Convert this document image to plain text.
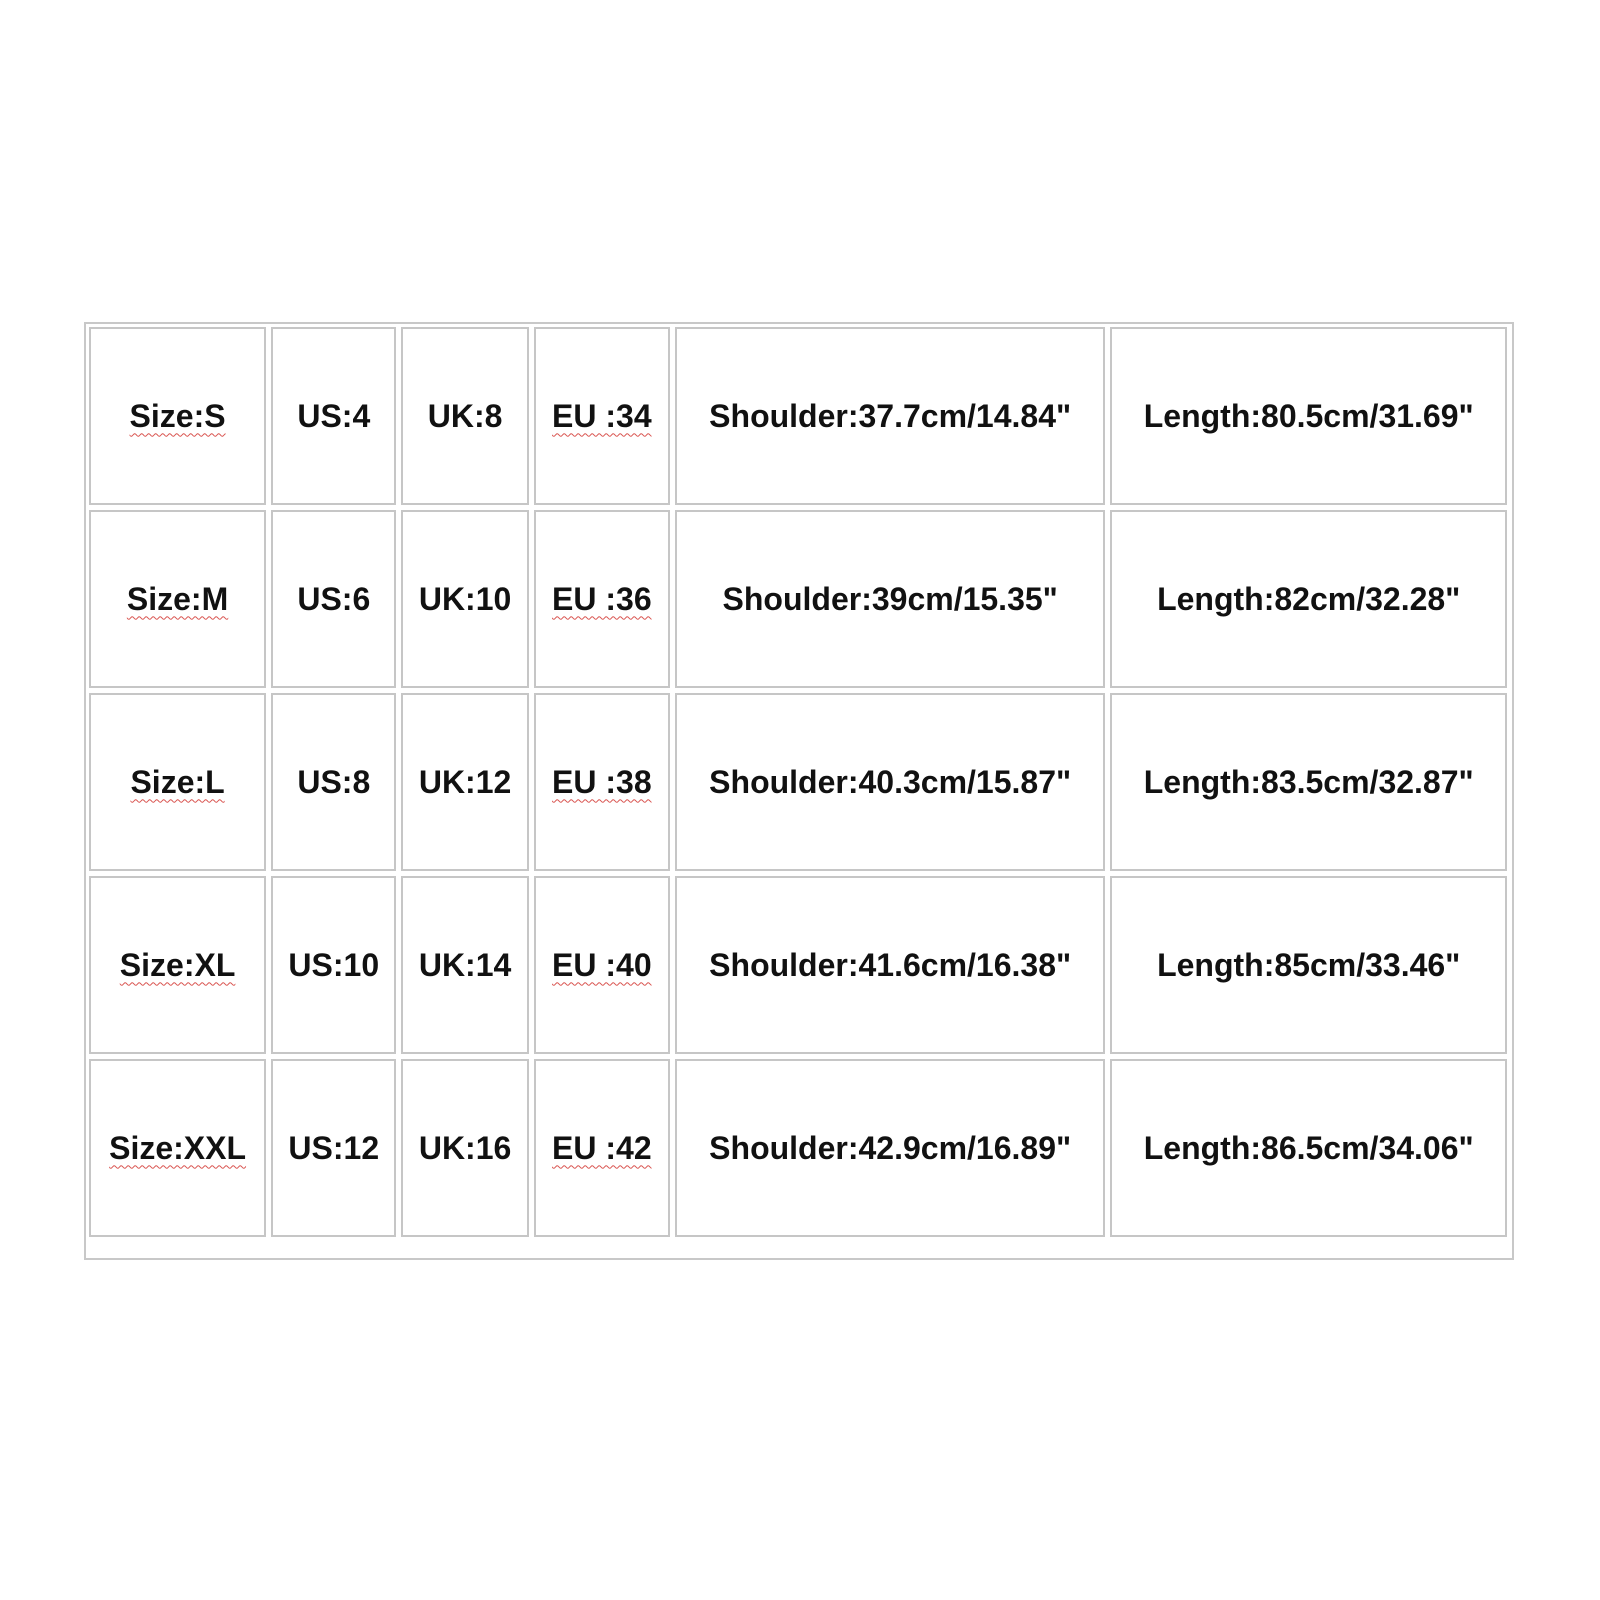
Size:S	US:4	UK:8	EU :34	Shoulder:37.7cm/14.84"	Length:80.5cm/31.69"
Size:M	US:6	UK:10	EU :36	Shoulder:39cm/15.35"	Length:82cm/32.28"
Size:L	US:8	UK:12	EU :38	Shoulder:40.3cm/15.87"	Length:83.5cm/32.87"
Size:XL	US:10	UK:14	EU :40	Shoulder:41.6cm/16.38"	Length:85cm/33.46"
Size:XXL	US:12	UK:16	EU :42	Shoulder:42.9cm/16.89"	Length:86.5cm/34.06"
